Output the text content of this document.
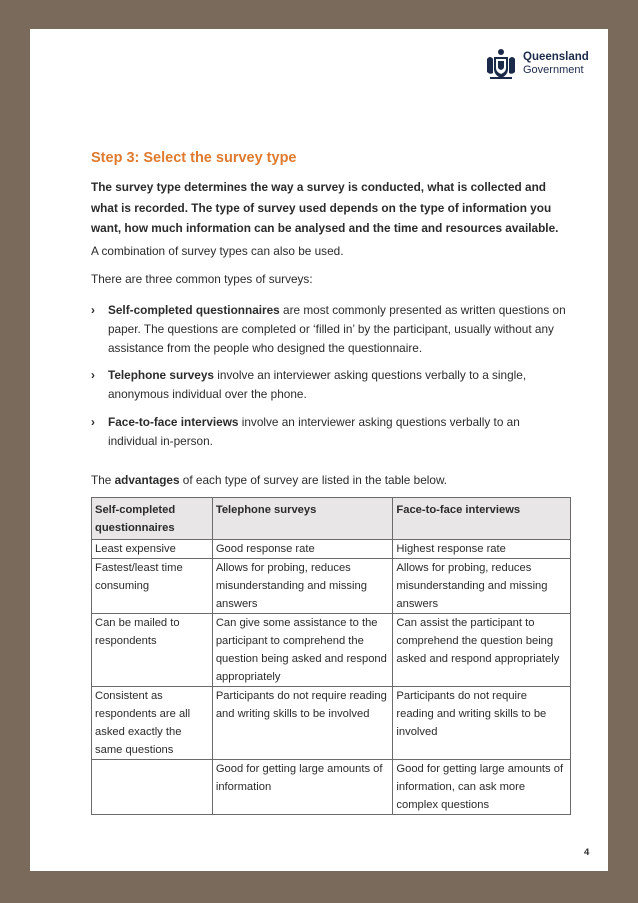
Queensland
Government
Step 3: Select the survey type

The survey type determines the way a survey is conducted, what is collected and what is recorded. The type of survey used depends on the type of information you want, how much information can be analysed and the time and resources available.

A combination of survey types can also be used.

There are three common types of surveys:

› Self-completed questionnaires are most commonly presented as written questions on paper. The questions are completed or ‘filled in’ by the participant, usually without any assistance from the people who designed the questionnaire.
› Telephone surveys involve an interviewer asking questions verbally to a single, anonymous individual over the phone.
› Face-to-face interviews involve an interviewer asking questions verbally to an individual in-person.

The advantages of each type of survey are listed in the table below.

Self-completed questionnaires	Telephone surveys	Face-to-face interviews
Least expensive	Good response rate	Highest response rate
Fastest/least time consuming	Allows for probing, reduces misunderstanding and missing answers	Allows for probing, reduces misunderstanding and missing answers
Can be mailed to respondents	Can give some assistance to the participant to comprehend the question being asked and respond appropriately	Can assist the participant to comprehend the question being asked and respond appropriately
Consistent as respondents are all asked exactly the same questions	Participants do not require reading and writing skills to be involved	Participants do not require reading and writing skills to be involved
	Good for getting large amounts of information	Good for getting large amounts of information, can ask more complex questions

4
